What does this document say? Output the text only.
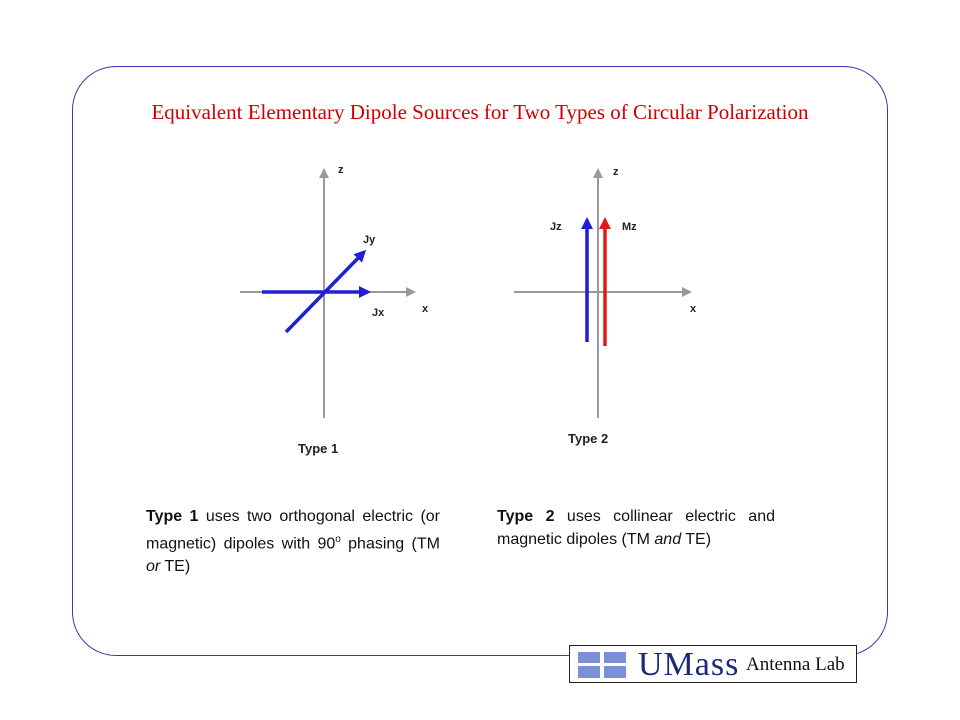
Equivalent Elementary Dipole Sources for Two Types of Circular Polarization
z
x
Jy
Jx
Type 1
z
x
Jz	Mz
Type 2
Type 1 uses two orthogonal electric (or magnetic) dipoles with 90$^o$ phasing (TM or TE)
Type 2 uses collinear electric and magnetic dipoles (TM and TE)
UMass Antenna Lab
